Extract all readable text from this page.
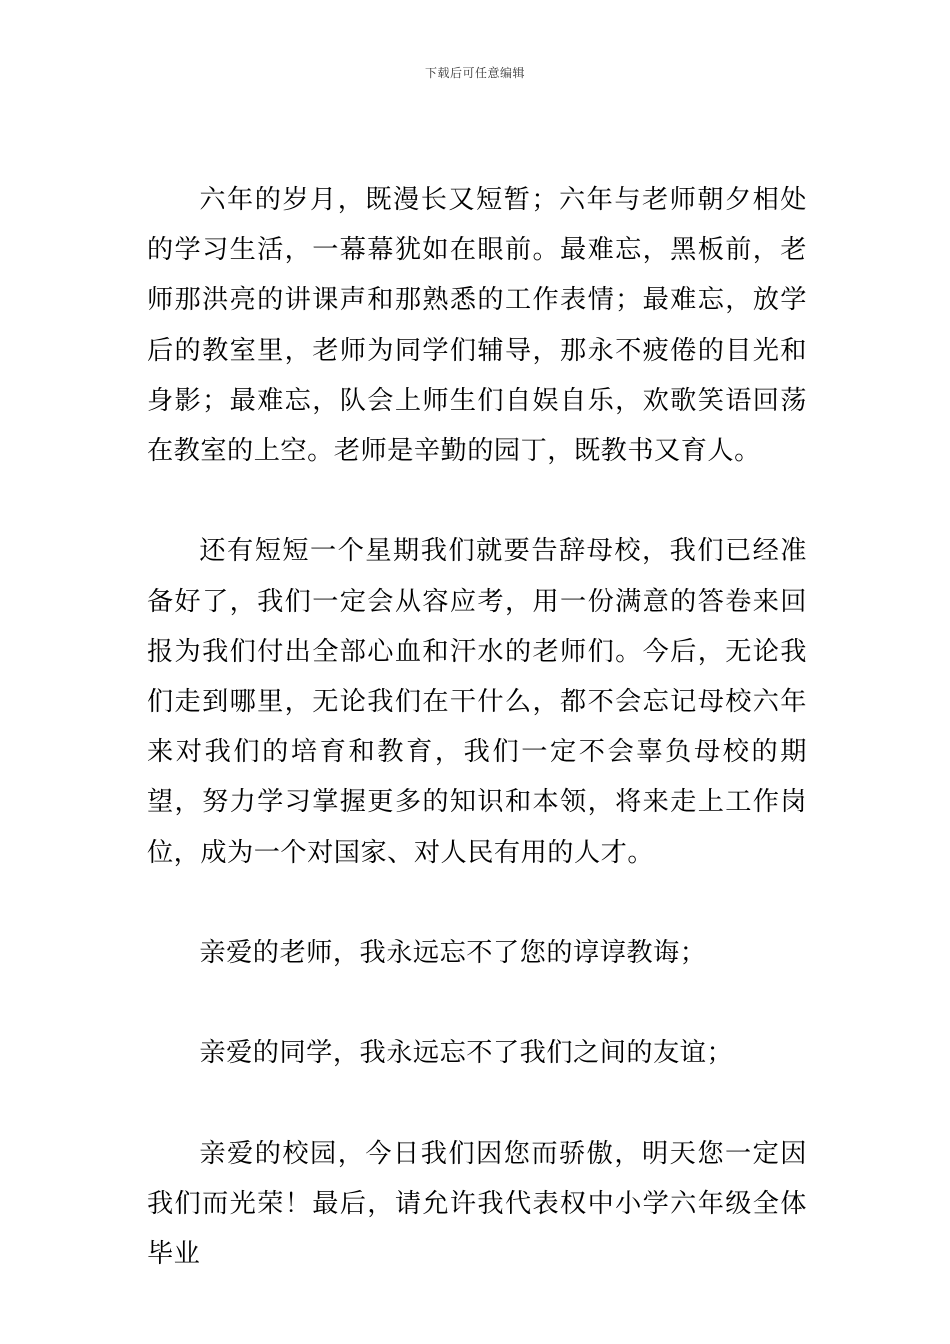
下载后可任意编辑

六年的岁月，既漫长又短暂；六年与老师朝夕相处的学习生活，一幕幕犹如在眼前。最难忘，黑板前，老师那洪亮的讲课声和那熟悉的工作表情；最难忘，放学后的教室里，老师为同学们辅导，那永不疲倦的目光和身影；最难忘，队会上师生们自娱自乐，欢歌笑语回荡在教室的上空。老师是辛勤的园丁，既教书又育人。

还有短短一个星期我们就要告辞母校，我们已经准备好了，我们一定会从容应考，用一份满意的答卷来回报为我们付出全部心血和汗水的老师们。今后，无论我们走到哪里，无论我们在干什么，都不会忘记母校六年来对我们的培育和教育，我们一定不会辜负母校的期望，努力学习掌握更多的知识和本领，将来走上工作岗位，成为一个对国家、对人民有用的人才。

亲爱的老师，我永远忘不了您的谆谆教诲；

亲爱的同学，我永远忘不了我们之间的友谊；

亲爱的校园，今日我们因您而骄傲，明天您一定因我们而光荣！最后，请允许我代表权中小学六年级全体毕业
